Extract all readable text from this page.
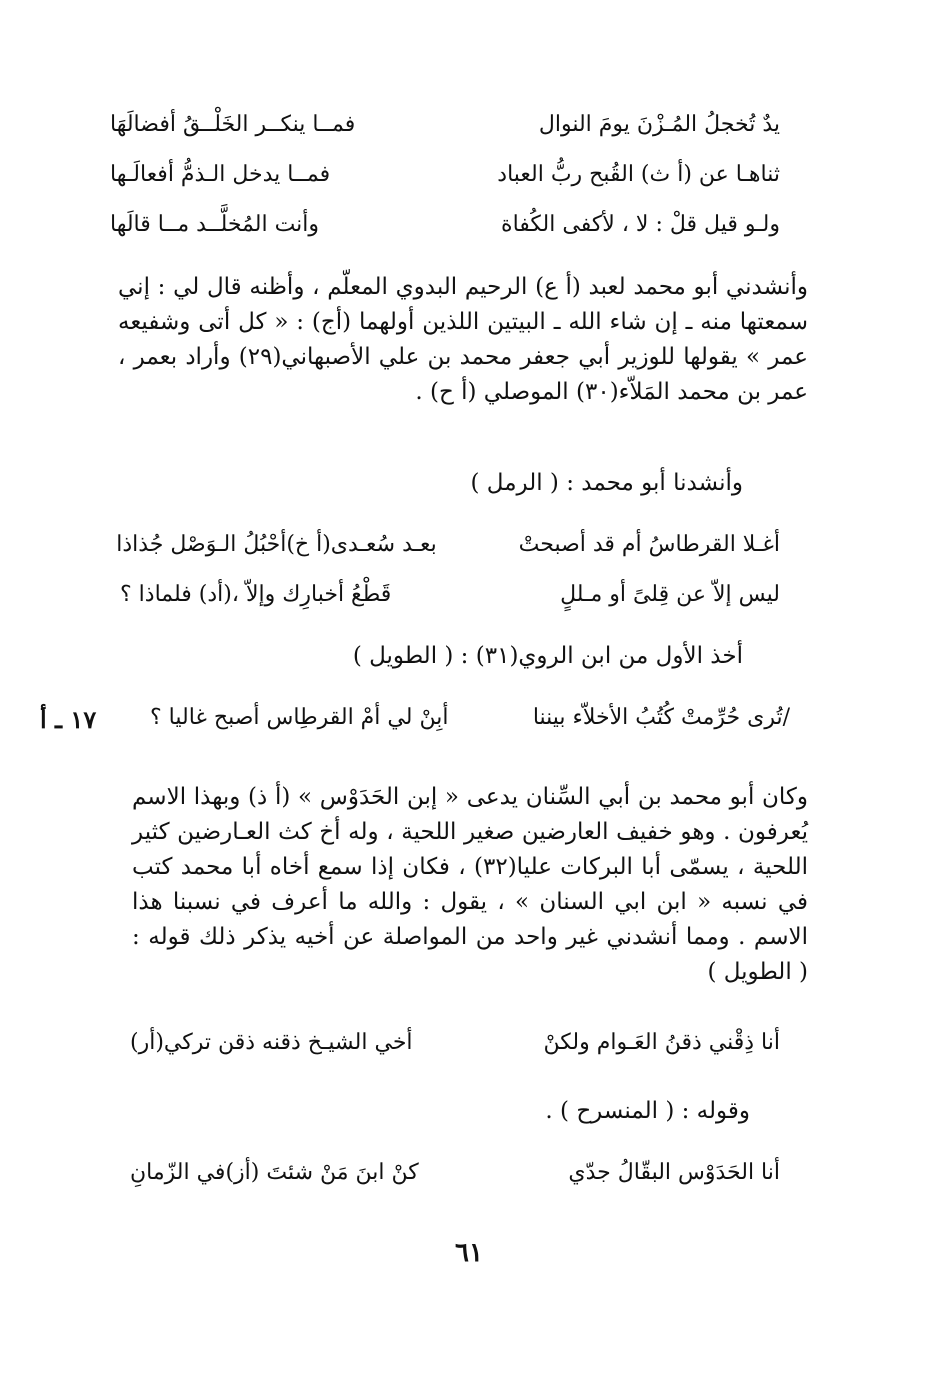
يدٌ تُخجلُ المُـزْنَ يومَ النوال
فمــا ينكــر الخَلْــقُ أفضالَهَا
ثناهـا عن (أ ث) القُبح ربُّ العباد
فمــا يدخل الـذمُّ أفعالَـها
ولـو قيل قلْ : لا ، لأكفى الكُفاة
وأنت المُخلَّــد مــا قالَها

وأنشدني أبو محمد لعبد (أ ع) الرحيم البدوي المعلّم ، وأظنه قال لي : إني سمعتها منه ـ إن شاء الله ـ البيتين اللذين أولهما (أج) : « كل أتى وشفيعه عمر » يقولها للوزير أبي جعفر محمد بن علي الأصبهاني(٢٩) وأراد بعمر ، عمر بن محمد المَلاّء(٣٠) الموصلي (أ ح) .

وأنشدنا أبو محمد : ( الرمل )
أغـلا القرطاسُ أم قد أصبحتْ
بعـد سُعـدى(أ خ)أحْبُلُ الـوَصْل جُذاذا
ليس إلاّ عن قِلىً أو مـللٍ
قَطْعُ أخبارِك وإلاّ ،(أد) فلماذا ؟
أخذ الأول من ابن الروي(٣١) : ( الطويل )
/تُرى حُرِّمتْ كُتُبُ الأخلاّء بيننا
أبِنْ لي أمْ القرطِاس أصبح غاليا ؟
١٧ ـ أ

وكان أبو محمد بن أبي السِّنان يدعى « إبن الحَدَوْس » (أ ذ) وبهذا الاسم يُعرفون . وهو خفيف العارضين صغير اللحية ، وله أخ كث العـارضين كثير اللحية ، يسمّى أبا البركات عليا(٣٢) ، فكان إذا سمع أخاه أبا محمد كتب في نسبه « ابن ابي السنان » ، يقول : والله ما أعرف في نسبنا هذا الاسم . ومما أنشدني غير واحد من المواصلة عن أخيه يذكر ذلك قوله : ( الطويل )

أنا ذِقْني ذقنُ العَـوام ولكنْ
أخي الشيـخ ذقنه ذقن تركي(أر)
وقوله : ( المنسرح ) .
أنا الحَدَوْس البقّالُ جدّي
كنْ ابنَ مَنْ شئتَ (أز)في الزّمانِ
٦١
